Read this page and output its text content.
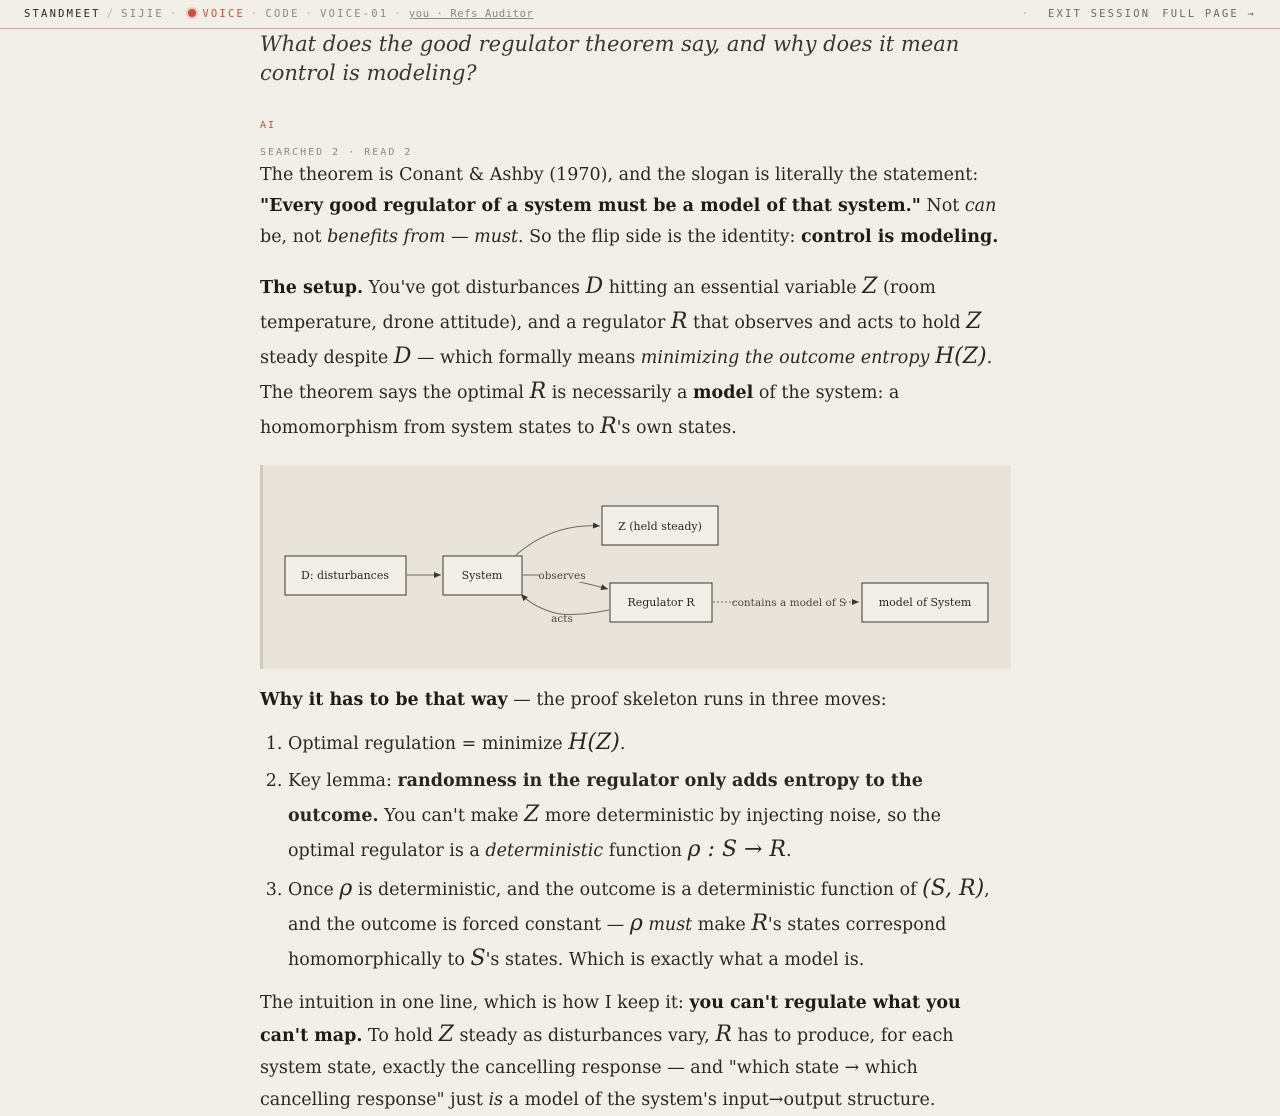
STANDMEET / SIJIE · VOICE · CODE · VOICE-01 · you · Refs Auditor	· EXIT SESSION FULL PAGE →

What does the good regulator theorem say, and why does it mean control is modeling?

AI
SEARCHED 2 · READ 2

The theorem is Conant & Ashby (1970), and the slogan is literally the statement: "Every good regulator of a system must be a model of that system." Not can be, not benefits from — must. So the flip side is the identity: control is modeling.

The setup. You've got disturbances D hitting an essential variable Z (room temperature, drone attitude), and a regulator R that observes and acts to hold Z steady despite D — which formally means minimizing the outcome entropy H(Z). The theorem says the optimal R is necessarily a model of the system: a homomorphism from system states to R's own states.

D: disturbances	System
Z (held steady)
Regulator R	model of System
observes
acts
contains a model of S

Why it has to be that way — the proof skeleton runs in three moves:

1. Optimal regulation = minimize H(Z).
2. Key lemma: randomness in the regulator only adds entropy to the outcome. You can't make Z more deterministic by injecting noise, so the optimal regulator is a deterministic function ρ : S → R.
3. Once ρ is deterministic, and the outcome is a deterministic function of (S, R), and the outcome is forced constant — ρ must make R's states correspond homomorphically to S's states. Which is exactly what a model is.

The intuition in one line, which is how I keep it: you can't regulate what you can't map. To hold Z steady as disturbances vary, R has to produce, for each system state, exactly the cancelling response — and "which state → which cancelling response" just is a model of the system's input→output structure.
